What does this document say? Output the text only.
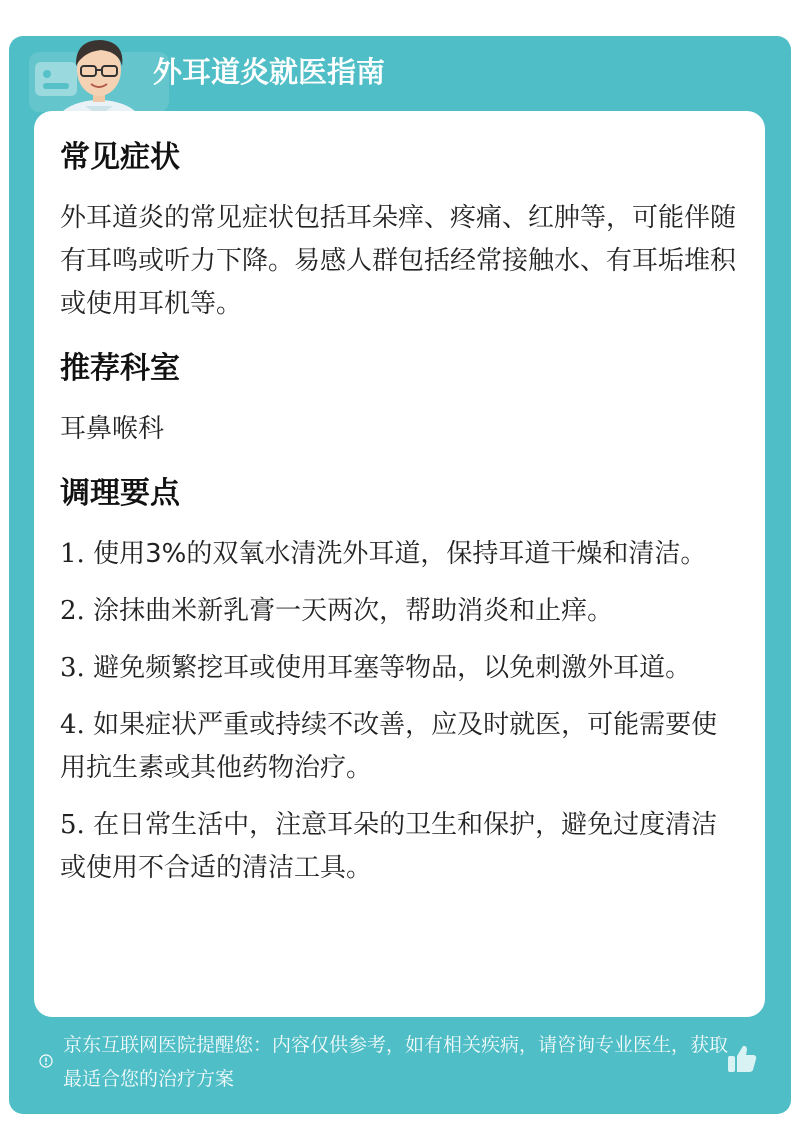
外耳道炎就医指南
常见症状

外耳道炎的常见症状包括耳朵痒、疼痛、红肿等，可能伴随有耳鸣或听力下降。易感人群包括经常接触水、有耳垢堆积或使用耳机等。

推荐科室

耳鼻喉科

调理要点

1. 使用3%的双氧水清洗外耳道，保持耳道干燥和清洁。

2. 涂抹曲米新乳膏一天两次，帮助消炎和止痒。

3. 避免频繁挖耳或使用耳塞等物品，以免刺激外耳道。

4. 如果症状严重或持续不改善，应及时就医，可能需要使用抗生素或其他药物治疗。

5. 在日常生活中，注意耳朵的卫生和保护，避免过度清洁或使用不合适的清洁工具。

京东互联网医院提醒您：内容仅供参考，如有相关疾病，请咨询专业医生，获取最适合您的治疗方案
